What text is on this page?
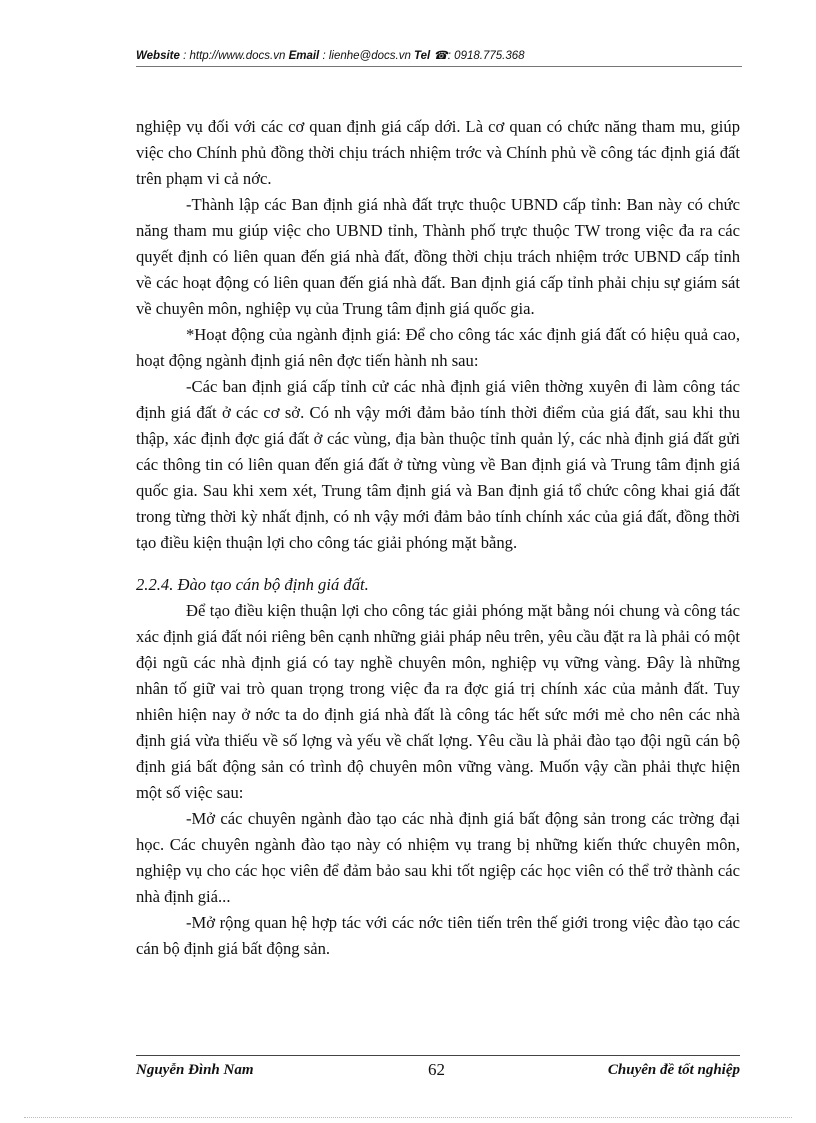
Website : http://www.docs.vn Email : lienhe@docs.vn Tel ☎: 0918.775.368

nghiệp vụ đối với các cơ quan định giá cấp dới. Là cơ quan có chức năng tham mu, giúp việc cho Chính phủ đồng thời chịu trách nhiệm trớc và Chính phủ về công tác định giá đất trên phạm vi cả nớc.

-Thành lập các Ban định giá nhà đất trực thuộc UBND cấp tỉnh: Ban này có chức năng tham mu giúp việc cho UBND tỉnh, Thành phố trực thuộc TW trong việc đa ra các quyết định có liên quan đến giá nhà đất, đồng thời chịu trách nhiệm trớc UBND cấp tỉnh về các hoạt động có liên quan đến giá nhà đất. Ban định giá cấp tỉnh phải chịu sự giám sát về chuyên môn, nghiệp vụ của Trung tâm định giá quốc gia.

*Hoạt động của ngành định giá: Để cho công tác xác định giá đất có hiệu quả cao, hoạt động ngành định giá nên đợc tiến hành nh sau:

-Các ban định giá cấp tỉnh cử các nhà định giá viên thờng xuyên đi làm công tác định giá đất ở các cơ sở. Có nh vậy mới đảm bảo tính thời điểm của giá đất, sau khi thu thập, xác định đợc giá đất ở các vùng, địa bàn thuộc tỉnh quản lý, các nhà định giá đất gửi các thông tin có liên quan đến giá đất ở từng vùng về Ban định giá và Trung tâm định giá quốc gia. Sau khi xem xét, Trung tâm định giá và Ban định giá tổ chức công khai giá đất trong từng thời kỳ nhất định, có nh vậy mới đảm bảo tính chính xác của giá đất, đồng thời tạo điều kiện thuận lợi cho công tác giải phóng mặt bằng.

2.2.4. Đào tạo cán bộ định giá đất.

Để tạo điều kiện thuận lợi cho công tác giải phóng mặt bằng nói chung và công tác xác định giá đất nói riêng bên cạnh những giải pháp nêu trên, yêu cầu đặt ra là phải có một đội ngũ các nhà định giá có tay nghề chuyên môn, nghiệp vụ vững vàng. Đây là những nhân tố giữ vai trò quan trọng trong việc đa ra đợc giá trị chính xác của mảnh đất. Tuy nhiên hiện nay ở nớc ta do định giá nhà đất là công tác hết sức mới mẻ cho nên các nhà định giá vừa thiếu về số lợng và yếu về chất lợng. Yêu cầu là phải đào tạo đội ngũ cán bộ định giá bất động sản có trình độ chuyên môn vững vàng. Muốn vậy cần phải thực hiện một số việc sau:

-Mở các chuyên ngành đào tạo các nhà định giá bất động sản trong các trờng đại học. Các chuyên ngành đào tạo này có nhiệm vụ trang bị những kiến thức chuyên môn, nghiệp vụ cho các học viên để đảm bảo sau khi tốt ngiệp các học viên có thể trở thành các nhà định giá...

-Mở rộng quan hệ hợp tác với các nớc tiên tiến trên thế giới trong việc đào tạo các cán bộ định giá bất động sản.

Nguyễn Đình Nam	62	Chuyên đề tốt nghiệp
